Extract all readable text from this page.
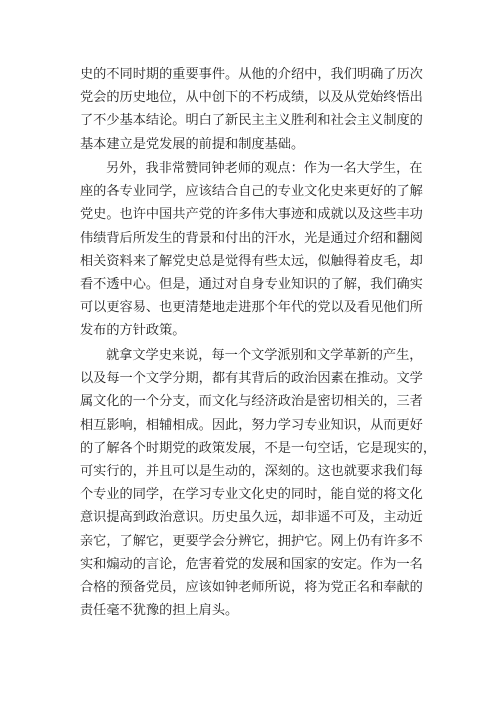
史的不同时期的重要事件。从他的介绍中，我们明确了历次
党会的历史地位，从中创下的不朽成绩，以及从党始终悟出
了不少基本结论。明白了新民主主义胜利和社会主义制度的
基本建立是党发展的前提和制度基础。
另外，我非常赞同钟老师的观点：作为一名大学生，在
座的各专业同学，应该结合自己的专业文化史来更好的了解
党史。也许中国共产党的许多伟大事迹和成就以及这些丰功
伟绩背后所发生的背景和付出的汗水，光是通过介绍和翻阅
相关资料来了解党史总是觉得有些太远，似触得着皮毛，却
看不透中心。但是，通过对自身专业知识的了解，我们确实
可以更容易、也更清楚地走进那个年代的党以及看见他们所
发布的方针政策。
就拿文学史来说，每一个文学派别和文学革新的产生，
以及每一个文学分期，都有其背后的政治因素在推动。文学
属文化的一个分支，而文化与经济政治是密切相关的，三者
相互影响，相辅相成。因此，努力学习专业知识，从而更好
的了解各个时期党的政策发展，不是一句空话，它是现实的，
可实行的，并且可以是生动的，深刻的。这也就要求我们每
个专业的同学，在学习专业文化史的同时，能自觉的将文化
意识提高到政治意识。历史虽久远，却非遥不可及，主动近
亲它，了解它，更要学会分辨它，拥护它。网上仍有许多不
实和煽动的言论，危害着党的发展和国家的安定。作为一名
合格的预备党员，应该如钟老师所说，将为党正名和奉献的
责任毫不犹豫的担上肩头。
